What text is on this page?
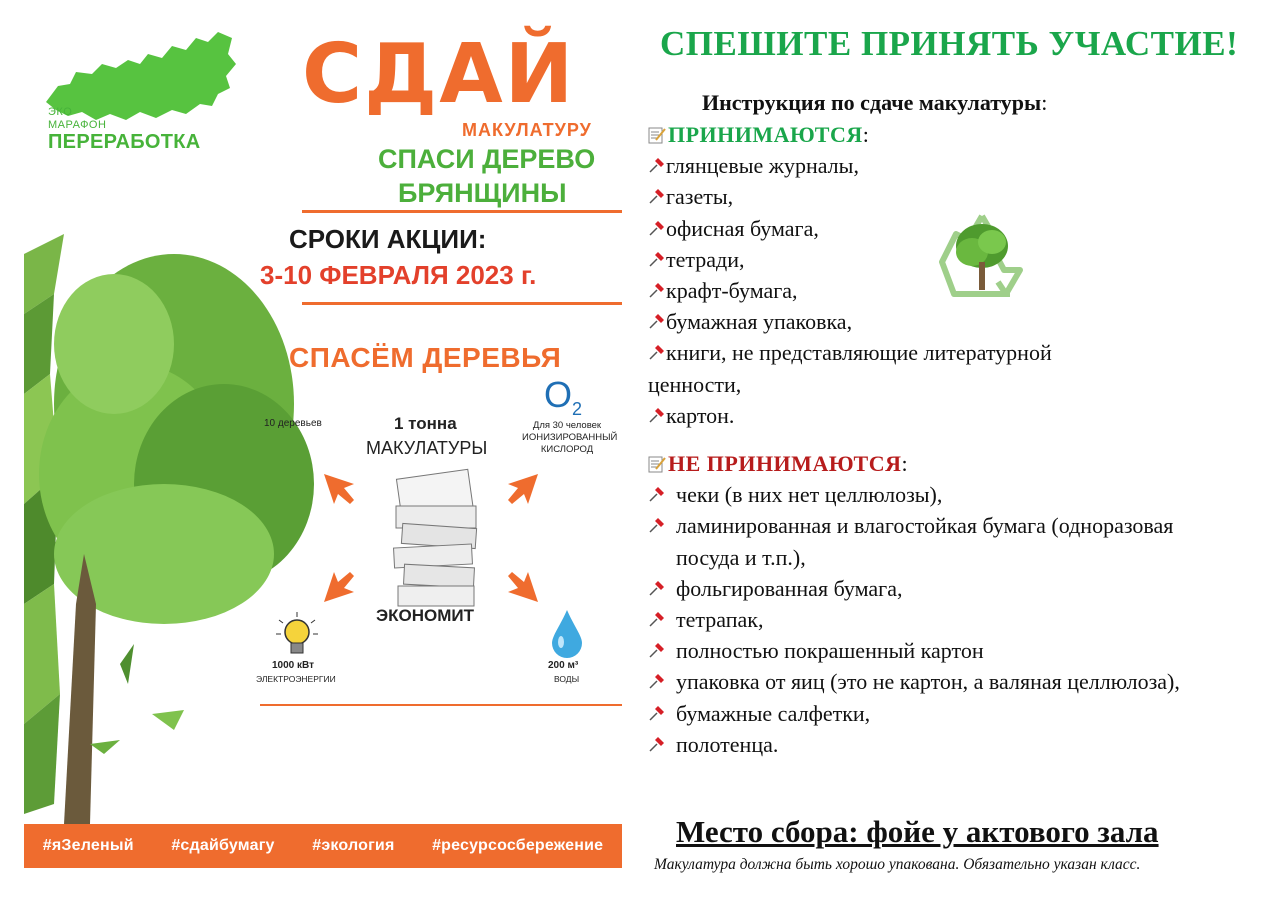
ЭКО
МАРАФОН
ПЕРЕРАБОТКА
СДАЙ
МАКУЛАТУРУ
СПАСИ ДЕРЕВО
БРЯНЩИНЫ
СРОКИ АКЦИИ:
3-10 ФЕВРАЛЯ 2023 г.
СПАСЁМ ДЕРЕВЬЯ
10 деревьев	1 тонна
МАКУЛАТУРЫ
$O_2$
Для 30 человек
ИОНИЗИРОВАННЫЙ
КИСЛОРОД
ЭКОНОМИТ
1000 кВт
ЭЛЕКТРОЭНЕРГИИ
200 м³
ВОДЫ
#яЗеленый #сдайбумагу #экология #ресурсосбережение
СПЕШИТЕ ПРИНЯТЬ УЧАСТИЕ!
Инструкция по сдаче макулатуры:
ПРИНИМАЮТСЯ:
глянцевые журналы,
газеты,
офисная бумага,
тетради,
крафт-бумага,
бумажная упаковка,
книги, не представляющие литературной
ценности,
картон.
НЕ ПРИНИМАЮТСЯ:
чеки (в них нет целлюлозы),
ламинированная и влагостойкая бумага (одноразовая посуда и т.п.),
фольгированная бумага,
тетрапак,
полностью покрашенный картон
упаковка от яиц (это не картон, а валяная целлюлоза),
бумажные салфетки,
полотенца.
Место сбора: фойе у актового зала
Макулатура должна быть хорошо упакована. Обязательно указан класс.
